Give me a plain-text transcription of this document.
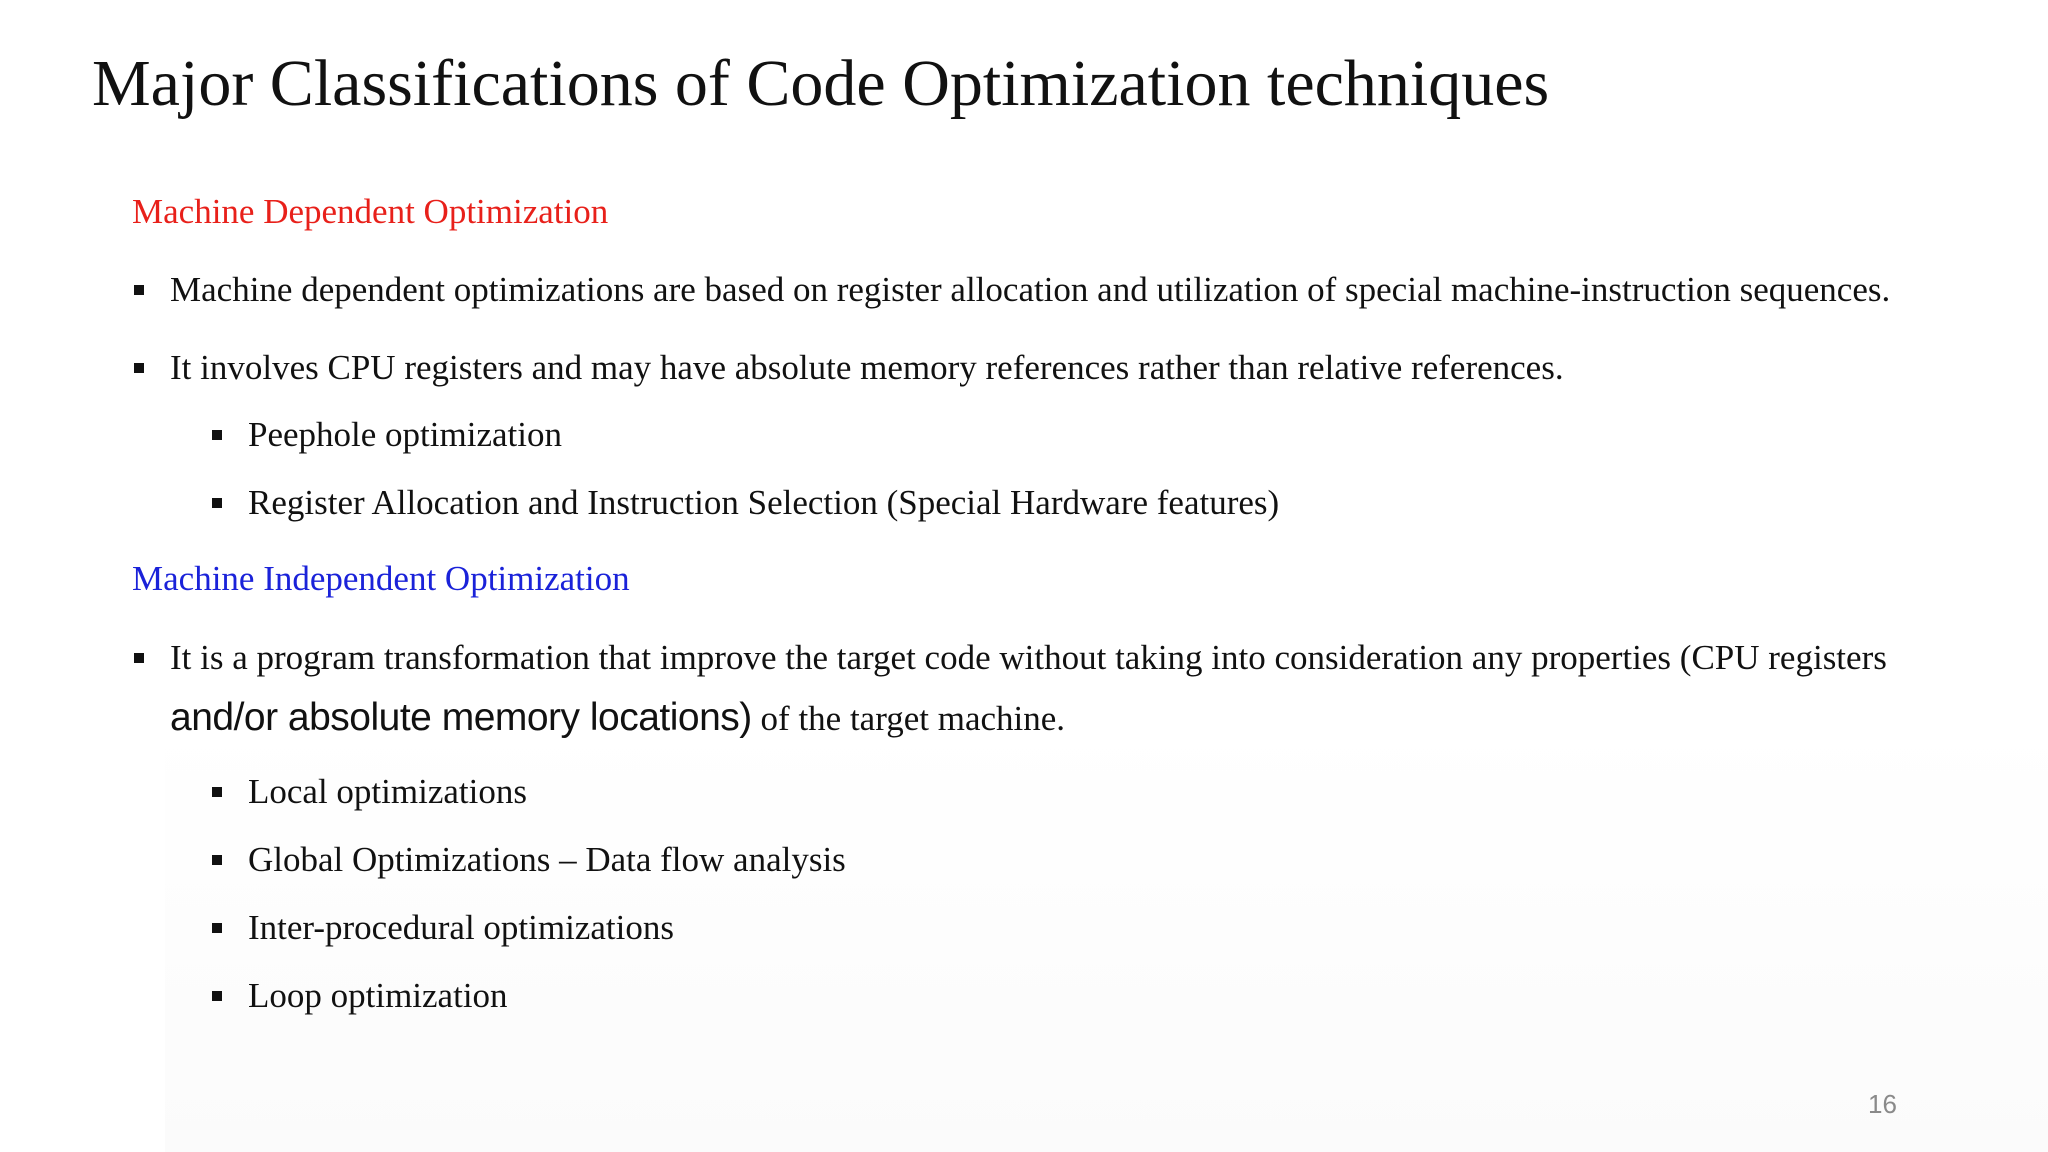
Major Classifications of Code Optimization techniques
Machine Dependent Optimization
Machine dependent optimizations are based on register allocation and utilization of special machine-instruction sequences.
It involves CPU registers and may have absolute memory references rather than relative references.
Peephole optimization
Register Allocation and Instruction Selection (Special Hardware features)
Machine Independent Optimization
It is a program transformation that improve the target code without taking into consideration any properties (CPU registers
and/or absolute memory locations) of the target machine.
Local optimizations
Global Optimizations – Data flow analysis
Inter-procedural optimizations
Loop optimization
16
